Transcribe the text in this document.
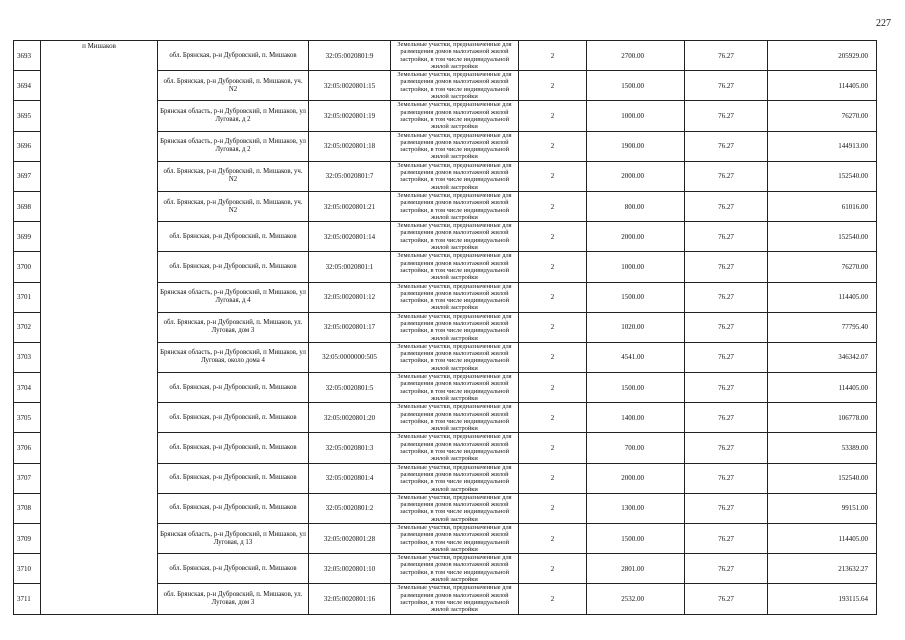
227
3693	п Мишаков	обл. Брянская, р-н Дубровский, п. Мишаков	32:05:0020801:9	Земельные участки, предназначенные для размещения домов малоэтажной жилой застройки, в том числе индивидуальной жилой застройки	2	2700.00	76.27	205929.00
3694		обл. Брянская, р-н Дубровский, п. Мишаков, уч. N2	32:05:0020801:15	Земельные участки, предназначенные для размещения домов малоэтажной жилой застройки, в том числе индивидуальной жилой застройки	2	1500.00	76.27	114405.00
3695		Брянская область, р-н Дубровский, п Мишаков, ул Луговая, д 2	32:05:0020801:19	Земельные участки, предназначенные для размещения домов малоэтажной жилой застройки, в том числе индивидуальной жилой застройки	2	1000.00	76.27	76270.00
3696		Брянская область, р-н Дубровский, п Мишаков, ул Луговая, д 2	32:05:0020801:18	Земельные участки, предназначенные для размещения домов малоэтажной жилой застройки, в том числе индивидуальной жилой застройки	2	1900.00	76.27	144913.00
3697		обл. Брянская, р-н Дубровский, п. Мишаков, уч. N2	32:05:0020801:7	Земельные участки, предназначенные для размещения домов малоэтажной жилой застройки, в том числе индивидуальной жилой застройки	2	2000.00	76.27	152540.00
3698		обл. Брянская, р-н Дубровский, п. Мишаков, уч. N2	32:05:0020801:21	Земельные участки, предназначенные для размещения домов малоэтажной жилой застройки, в том числе индивидуальной жилой застройки	2	800.00	76.27	61016.00
3699		обл. Брянская, р-н Дубровский, п. Мишаков	32:05:0020801:14	Земельные участки, предназначенные для размещения домов малоэтажной жилой застройки, в том числе индивидуальной жилой застройки	2	2000.00	76.27	152540.00
3700		обл. Брянская, р-н Дубровский, п. Мишаков	32:05:0020801:1	Земельные участки, предназначенные для размещения домов малоэтажной жилой застройки, в том числе индивидуальной жилой застройки	2	1000.00	76.27	76270.00
3701		Брянская область, р-н Дубровский, п Мишаков, ул Луговая, д 4	32:05:0020801:12	Земельные участки, предназначенные для размещения домов малоэтажной жилой застройки, в том числе индивидуальной жилой застройки	2	1500.00	76.27	114405.00
3702		обл. Брянская, р-н Дубровский, п. Мишаков, ул. Луговая, дом 3	32:05:0020801:17	Земельные участки, предназначенные для размещения домов малоэтажной жилой застройки, в том числе индивидуальной жилой застройки	2	1020.00	76.27	77795.40
3703		Брянская область, р-н Дубровский, п Мишаков, ул Луговая, около дома 4	32:05:0000000:505	Земельные участки, предназначенные для размещения домов малоэтажной жилой застройки, в том числе индивидуальной жилой застройки	2	4541.00	76.27	346342.07
3704		обл. Брянская, р-н Дубровский, п. Мишаков	32:05:0020801:5	Земельные участки, предназначенные для размещения домов малоэтажной жилой застройки, в том числе индивидуальной жилой застройки	2	1500.00	76.27	114405.00
3705		обл. Брянская, р-н Дубровский, п. Мишаков	32:05:0020801:20	Земельные участки, предназначенные для размещения домов малоэтажной жилой застройки, в том числе индивидуальной жилой застройки	2	1400.00	76.27	106778.00
3706		обл. Брянская, р-н Дубровский, п. Мишаков	32:05:0020801:3	Земельные участки, предназначенные для размещения домов малоэтажной жилой застройки, в том числе индивидуальной жилой застройки	2	700.00	76.27	53389.00
3707		обл. Брянская, р-н Дубровский, п. Мишаков	32:05:0020801:4	Земельные участки, предназначенные для размещения домов малоэтажной жилой застройки, в том числе индивидуальной жилой застройки	2	2000.00	76.27	152540.00
3708		обл. Брянская, р-н Дубровский, п. Мишаков	32:05:0020801:2	Земельные участки, предназначенные для размещения домов малоэтажной жилой застройки, в том числе индивидуальной жилой застройки	2	1300.00	76.27	99151.00
3709		Брянская область, р-н Дубровский, п Мишаков, ул Луговая, д 13	32:05:0020801:28	Земельные участки, предназначенные для размещения домов малоэтажной жилой застройки, в том числе индивидуальной жилой застройки	2	1500.00	76.27	114405.00
3710		обл. Брянская, р-н Дубровский, п. Мишаков	32:05:0020801:10	Земельные участки, предназначенные для размещения домов малоэтажной жилой застройки, в том числе индивидуальной жилой застройки	2	2801.00	76.27	213632.27
3711		обл. Брянская, р-н Дубровский, п. Мишаков, ул. Луговая, дом 3	32:05:0020801:16	Земельные участки, предназначенные для размещения домов малоэтажной жилой застройки, в том числе индивидуальной жилой застройки	2	2532.00	76.27	193115.64
